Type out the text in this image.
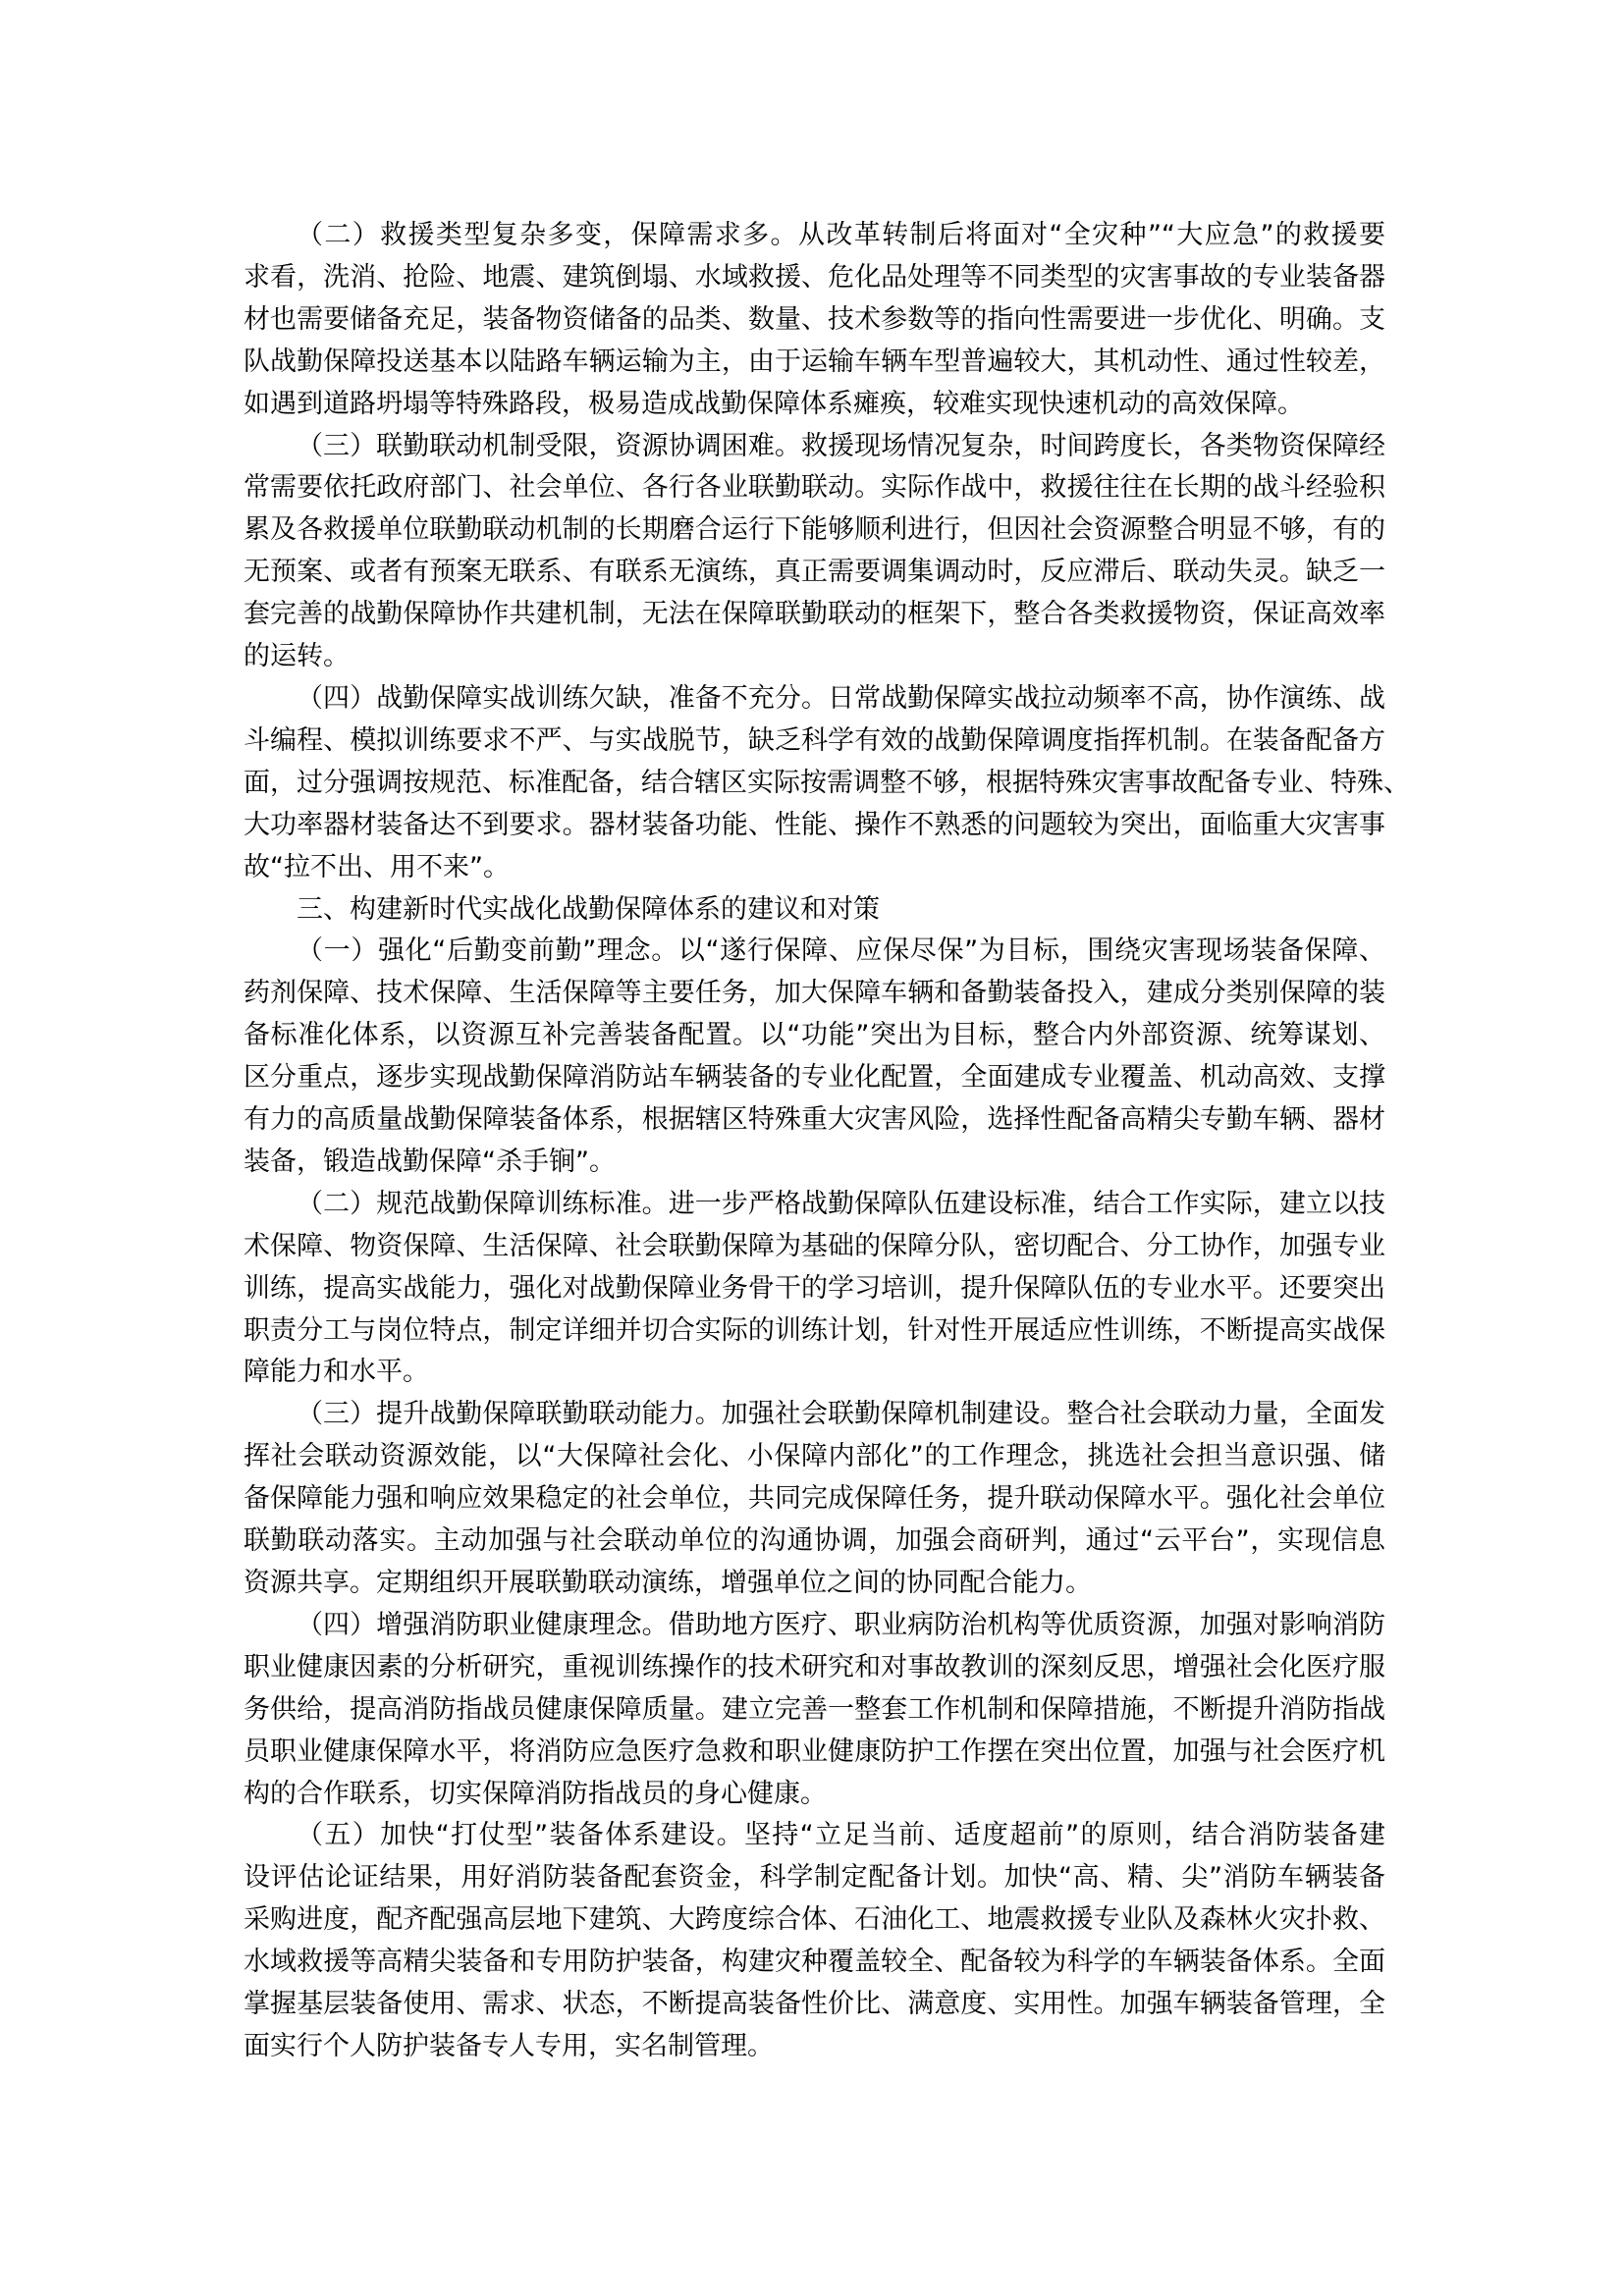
（二）救援类型复杂多变，保障需求多。从改革转制后将面对“全灾种”“大应急”的救援要
求看，洗消、抢险、地震、建筑倒塌、水域救援、危化品处理等不同类型的灾害事故的专业装备器
材也需要储备充足，装备物资储备的品类、数量、技术参数等的指向性需要进一步优化、明确。支
队战勤保障投送基本以陆路车辆运输为主，由于运输车辆车型普遍较大，其机动性、通过性较差，
如遇到道路坍塌等特殊路段，极易造成战勤保障体系瘫痪，较难实现快速机动的高效保障。
（三）联勤联动机制受限，资源协调困难。救援现场情况复杂，时间跨度长，各类物资保障经
常需要依托政府部门、社会单位、各行各业联勤联动。实际作战中，救援往往在长期的战斗经验积
累及各救援单位联勤联动机制的长期磨合运行下能够顺利进行，但因社会资源整合明显不够，有的
无预案、或者有预案无联系、有联系无演练，真正需要调集调动时，反应滞后、联动失灵。缺乏一
套完善的战勤保障协作共建机制，无法在保障联勤联动的框架下，整合各类救援物资，保证高效率
的运转。
（四）战勤保障实战训练欠缺，准备不充分。日常战勤保障实战拉动频率不高，协作演练、战
斗编程、模拟训练要求不严、与实战脱节，缺乏科学有效的战勤保障调度指挥机制。在装备配备方
面，过分强调按规范、标准配备，结合辖区实际按需调整不够，根据特殊灾害事故配备专业、特殊、
大功率器材装备达不到要求。器材装备功能、性能、操作不熟悉的问题较为突出，面临重大灾害事
故“拉不出、用不来”。
三、构建新时代实战化战勤保障体系的建议和对策
（一）强化“后勤变前勤”理念。以“遂行保障、应保尽保”为目标，围绕灾害现场装备保障、
药剂保障、技术保障、生活保障等主要任务，加大保障车辆和备勤装备投入，建成分类别保障的装
备标准化体系，以资源互补完善装备配置。以“功能”突出为目标，整合内外部资源、统筹谋划、
区分重点，逐步实现战勤保障消防站车辆装备的专业化配置，全面建成专业覆盖、机动高效、支撑
有力的高质量战勤保障装备体系，根据辖区特殊重大灾害风险，选择性配备高精尖专勤车辆、器材
装备，锻造战勤保障“杀手锏”。
（二）规范战勤保障训练标准。进一步严格战勤保障队伍建设标准，结合工作实际，建立以技
术保障、物资保障、生活保障、社会联勤保障为基础的保障分队，密切配合、分工协作，加强专业
训练，提高实战能力，强化对战勤保障业务骨干的学习培训，提升保障队伍的专业水平。还要突出
职责分工与岗位特点，制定详细并切合实际的训练计划，针对性开展适应性训练，不断提高实战保
障能力和水平。
（三）提升战勤保障联勤联动能力。加强社会联勤保障机制建设。整合社会联动力量，全面发
挥社会联动资源效能，以“大保障社会化、小保障内部化”的工作理念，挑选社会担当意识强、储
备保障能力强和响应效果稳定的社会单位，共同完成保障任务，提升联动保障水平。强化社会单位
联勤联动落实。主动加强与社会联动单位的沟通协调，加强会商研判，通过“云平台”，实现信息
资源共享。定期组织开展联勤联动演练，增强单位之间的协同配合能力。
（四）增强消防职业健康理念。借助地方医疗、职业病防治机构等优质资源，加强对影响消防
职业健康因素的分析研究，重视训练操作的技术研究和对事故教训的深刻反思，增强社会化医疗服
务供给，提高消防指战员健康保障质量。建立完善一整套工作机制和保障措施，不断提升消防指战
员职业健康保障水平，将消防应急医疗急救和职业健康防护工作摆在突出位置，加强与社会医疗机
构的合作联系，切实保障消防指战员的身心健康。
（五）加快“打仗型”装备体系建设。坚持“立足当前、适度超前”的原则，结合消防装备建
设评估论证结果，用好消防装备配套资金，科学制定配备计划。加快“高、精、尖”消防车辆装备
采购进度，配齐配强高层地下建筑、大跨度综合体、石油化工、地震救援专业队及森林火灾扑救、
水域救援等高精尖装备和专用防护装备，构建灾种覆盖较全、配备较为科学的车辆装备体系。全面
掌握基层装备使用、需求、状态，不断提高装备性价比、满意度、实用性。加强车辆装备管理，全
面实行个人防护装备专人专用，实名制管理。
